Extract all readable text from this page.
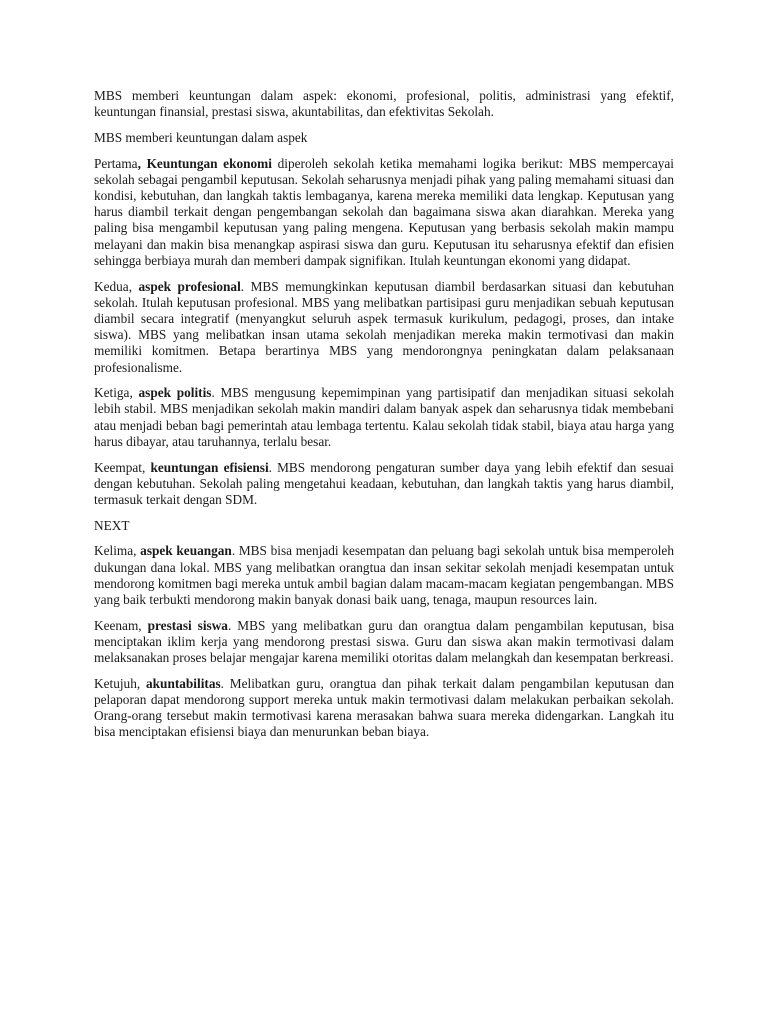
MBS memberi keuntungan dalam aspek: ekonomi, profesional, politis, administrasi yang efektif, keuntungan finansial, prestasi siswa, akuntabilitas, dan efektivitas Sekolah.

MBS memberi keuntungan dalam aspek

Pertama, Keuntungan ekonomi diperoleh sekolah ketika memahami logika berikut: MBS mempercayai sekolah sebagai pengambil keputusan. Sekolah seharusnya menjadi pihak yang paling memahami situasi dan kondisi, kebutuhan, dan langkah taktis lembaganya, karena mereka memiliki data lengkap. Keputusan yang harus diambil terkait dengan pengembangan sekolah dan bagaimana siswa akan diarahkan. Mereka yang paling bisa mengambil keputusan yang paling mengena. Keputusan yang berbasis sekolah makin mampu melayani dan makin bisa menangkap aspirasi siswa dan guru. Keputusan itu seharusnya efektif dan efisien sehingga berbiaya murah dan memberi dampak signifikan. Itulah keuntungan ekonomi yang didapat.

Kedua, aspek profesional. MBS memungkinkan keputusan diambil berdasarkan situasi dan kebutuhan sekolah. Itulah keputusan profesional. MBS yang melibatkan partisipasi guru menjadikan sebuah keputusan diambil secara integratif (menyangkut seluruh aspek termasuk kurikulum, pedagogi, proses, dan intake siswa). MBS yang melibatkan insan utama sekolah menjadikan mereka makin termotivasi dan makin memiliki komitmen. Betapa berartinya MBS yang mendorongnya peningkatan dalam pelaksanaan profesionalisme.

Ketiga, aspek politis. MBS mengusung kepemimpinan yang partisipatif dan menjadikan situasi sekolah lebih stabil. MBS menjadikan sekolah makin mandiri dalam banyak aspek dan seharusnya tidak membebani atau menjadi beban bagi pemerintah atau lembaga tertentu. Kalau sekolah tidak stabil, biaya atau harga yang harus dibayar, atau taruhannya, terlalu besar.

Keempat, keuntungan efisiensi. MBS mendorong pengaturan sumber daya yang lebih efektif dan sesuai dengan kebutuhan. Sekolah paling mengetahui keadaan, kebutuhan, dan langkah taktis yang harus diambil, termasuk terkait dengan SDM.

NEXT

Kelima, aspek keuangan. MBS bisa menjadi kesempatan dan peluang bagi sekolah untuk bisa memperoleh dukungan dana lokal. MBS yang melibatkan orangtua dan insan sekitar sekolah menjadi kesempatan untuk mendorong komitmen bagi mereka untuk ambil bagian dalam macam-macam kegiatan pengembangan. MBS yang baik terbukti mendorong makin banyak donasi baik uang, tenaga, maupun resources lain.

Keenam, prestasi siswa. MBS yang melibatkan guru dan orangtua dalam pengambilan keputusan, bisa menciptakan iklim kerja yang mendorong prestasi siswa. Guru dan siswa akan makin termotivasi dalam melaksanakan proses belajar mengajar karena memiliki otoritas dalam melangkah dan kesempatan berkreasi.

Ketujuh, akuntabilitas. Melibatkan guru, orangtua dan pihak terkait dalam pengambilan keputusan dan pelaporan dapat mendorong support mereka untuk makin termotivasi dalam melakukan perbaikan sekolah. Orang-orang tersebut makin termotivasi karena merasakan bahwa suara mereka didengarkan. Langkah itu bisa menciptakan efisiensi biaya dan menurunkan beban biaya.
